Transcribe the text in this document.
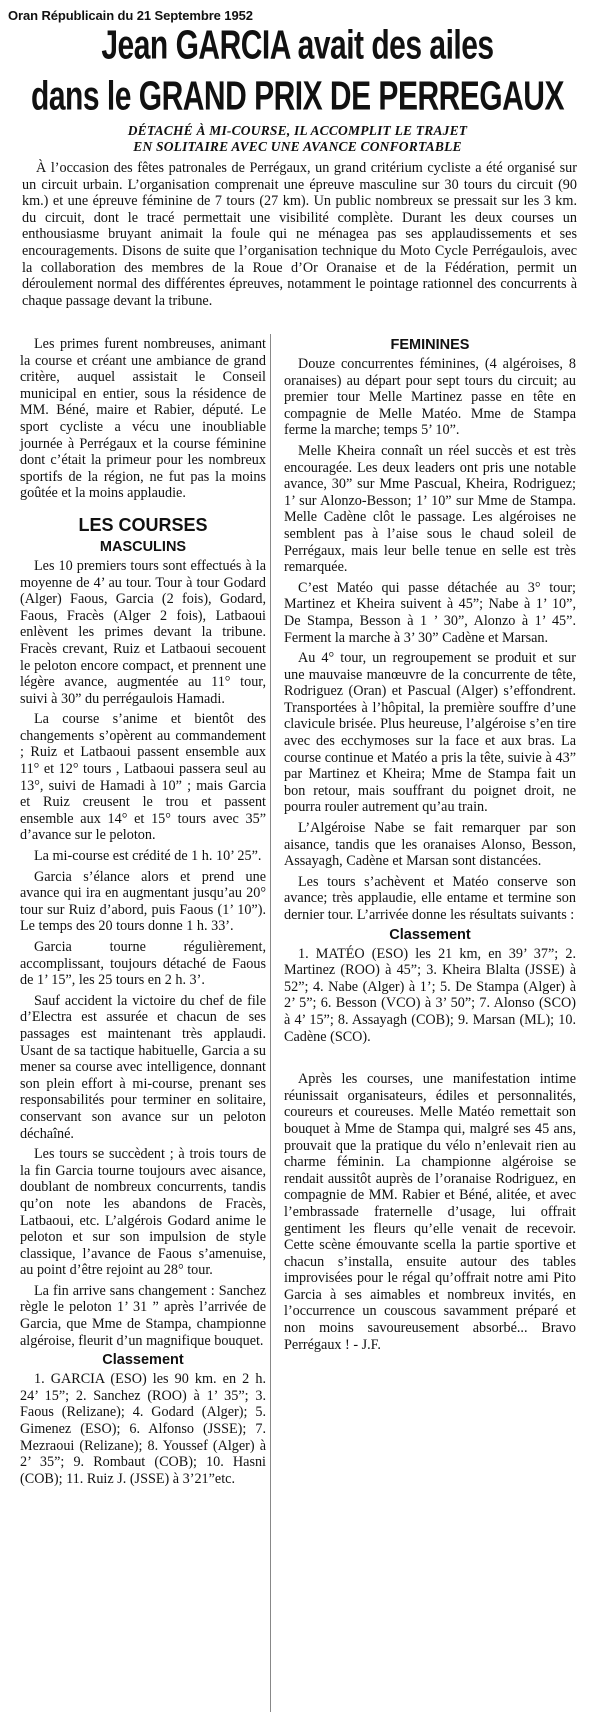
Oran Républicain du 21 Septembre 1952
Jean GARCIA avait des ailes
dans le GRAND PRIX DE PERREGAUX
DÉTACHÉ À MI-COURSE, IL ACCOMPLIT LE TRAJET
EN SOLITAIRE AVEC UNE AVANCE CONFORTABLE

À l’occasion des fêtes patronales de Perrégaux, un grand critérium cycliste a été organisé sur un circuit urbain. L’organisation comprenait une épreuve masculine sur 30 tours du circuit (90 km.) et une épreuve féminine de 7 tours (27 km). Un public nombreux se pressait sur les 3 km. du circuit, dont le tracé permettait une visibilité complète. Durant les deux courses un enthousiasme bruyant animait la foule qui ne ménagea pas ses applaudissements et ses encouragements. Disons de suite que l’organisation technique du Moto Cycle Perrégaulois, avec la collaboration des membres de la Roue d’Or Oranaise et de la Fédération, permit un déroulement normal des différentes épreuves, notamment le pointage rationnel des concurrents à chaque passage devant la tribune.

Les primes furent nombreuses, animant la course et créant une ambiance de grand critère, auquel assistait le Conseil municipal en entier, sous la résidence de MM. Béné, maire et Rabier, député. Le sport cycliste a vécu une inoubliable journée à Perrégaux et la course féminine dont c’était la primeur pour les nombreux sportifs de la région, ne fut pas la moins goûtée et la moins applaudie.

LES COURSES
MASCULINS

Les 10 premiers tours sont effectués à la moyenne de 4’ au tour. Tour à tour Godard (Alger) Faous, Garcia (2 fois), Godard, Faous, Fracès (Alger 2 fois), Latbaoui enlèvent les primes devant la tribune. Fracès crevant, Ruiz et Latbaoui secouent le peloton encore compact, et prennent une légère avance, augmentée au 11° tour, suivi à 30” du perrégaulois Hamadi.

La course s’anime et bientôt des changements s’opèrent au commandement ; Ruiz et Latbaoui passent ensemble aux 11° et 12° tours , Latbaoui passera seul au 13°, suivi de Hamadi à 10” ; mais Garcia et Ruiz creusent le trou et passent ensemble aux 14° et 15° tours avec 35” d’avance sur le peloton.

La mi-course est crédité de 1 h. 10’ 25”.

Garcia s’élance alors et prend une avance qui ira en augmentant jusqu’au 20° tour sur Ruiz d’abord, puis Faous (1’ 10”). Le temps des 20 tours donne 1 h. 33’.

Garcia tourne régulièrement, accomplissant, toujours détaché de Faous de 1’ 15”, les 25 tours en 2 h. 3’.

Sauf accident la victoire du chef de file d’Electra est assurée et chacun de ses passages est maintenant très applaudi. Usant de sa tactique habituelle, Garcia a su mener sa course avec intelligence, donnant son plein effort à mi-course, prenant ses responsabilités pour terminer en solitaire, conservant son avance sur un peloton déchaîné.

Les tours se succèdent ; à trois tours de la fin Garcia tourne toujours avec aisance, doublant de nombreux concurrents, tandis qu’on note les abandons de Fracès, Latbaoui, etc. L’algérois Godard anime le peloton et sur son impulsion de style classique, l’avance de Faous s’amenuise, au point d’être rejoint au 28° tour.

La fin arrive sans changement : Sanchez règle le peloton 1’ 31 ” après l’arrivée de Garcia, que Mme de Stampa, championne algéroise, fleurit d’un magnifique bouquet.

Classement

1. GARCIA (ESO) les 90 km. en 2 h. 24’ 15”; 2. Sanchez (ROO) à 1’ 35”; 3. Faous (Relizane); 4. Godard (Alger); 5. Gimenez (ESO); 6. Alfonso (JSSE); 7. Mezraoui (Relizane); 8. Youssef (Alger) à 2’ 35”; 9. Rombaut (COB); 10. Hasni (COB); 11. Ruiz J. (JSSE) à 3’21”etc.

FEMININES

Douze concurrentes féminines, (4 algéroises, 8 oranaises) au départ pour sept tours du circuit; au premier tour Melle Martinez passe en tête en compagnie de Melle Matéo. Mme de Stampa ferme la marche; temps 5’ 10”.

Melle Kheira connaît un réel succès et est très encouragée. Les deux leaders ont pris une notable avance, 30” sur Mme Pascual, Kheira, Rodriguez; 1’ sur Alonzo-Besson; 1’ 10” sur Mme de Stampa. Melle Cadène clôt le passage. Les algéroises ne semblent pas à l’aise sous le chaud soleil de Perrégaux, mais leur belle tenue en selle est très remarquée.

C’est Matéo qui passe détachée au 3° tour; Martinez et Kheira suivent à 45”; Nabe à 1’ 10”, De Stampa, Besson à 1 ’ 30”, Alonzo à 1’ 45”. Ferment la marche à 3’ 30” Cadène et Marsan.

Au 4° tour, un regroupement se produit et sur une mauvaise manœuvre de la concurrente de tête, Rodriguez (Oran) et Pascual (Alger) s’effondrent. Transportées à l’hôpital, la première souffre d’une clavicule brisée. Plus heureuse, l’algéroise s’en tire avec des ecchymoses sur la face et aux bras. La course continue et Matéo a pris la tête, suivie à 43” par Martinez et Kheira; Mme de Stampa fait un bon retour, mais souffrant du poignet droit, ne pourra rouler autrement qu’au train.

L’Algéroise Nabe se fait remarquer par son aisance, tandis que les oranaises Alonso, Besson, Assayagh, Cadène et Marsan sont distancées.

Les tours s’achèvent et Matéo conserve son avance; très applaudie, elle entame et termine son dernier tour. L’arrivée donne les résultats suivants :

Classement

1. MATÉO (ESO) les 21 km, en 39’ 37”; 2. Martinez (ROO) à 45”; 3. Kheira Blalta (JSSE) à 52”; 4. Nabe (Alger) à 1’; 5. De Stampa (Alger) à 2’ 5”; 6. Besson (VCO) à 3’ 50”; 7. Alonso (SCO) à 4’ 15”; 8. Assayagh (COB); 9. Marsan (ML); 10. Cadène (SCO).

Après les courses, une manifestation intime réunissait organisateurs, édiles et personnalités, coureurs et coureuses. Melle Matéo remettait son bouquet à Mme de Stampa qui, malgré ses 45 ans, prouvait que la pratique du vélo n’enlevait rien au charme féminin. La championne algéroise se rendait aussitôt auprès de l’oranaise Rodriguez, en compagnie de MM. Rabier et Béné, alitée, et avec l’embrassade fraternelle d’usage, lui offrait gentiment les fleurs qu’elle venait de recevoir. Cette scène émouvante scella la partie sportive et chacun s’installa, ensuite autour des tables improvisées pour le régal qu’offrait notre ami Pito Garcia à ses aimables et nombreux invités, en l’occurrence un couscous savamment préparé et non moins savoureusement absorbé... Bravo Perrégaux ! - J.F.
